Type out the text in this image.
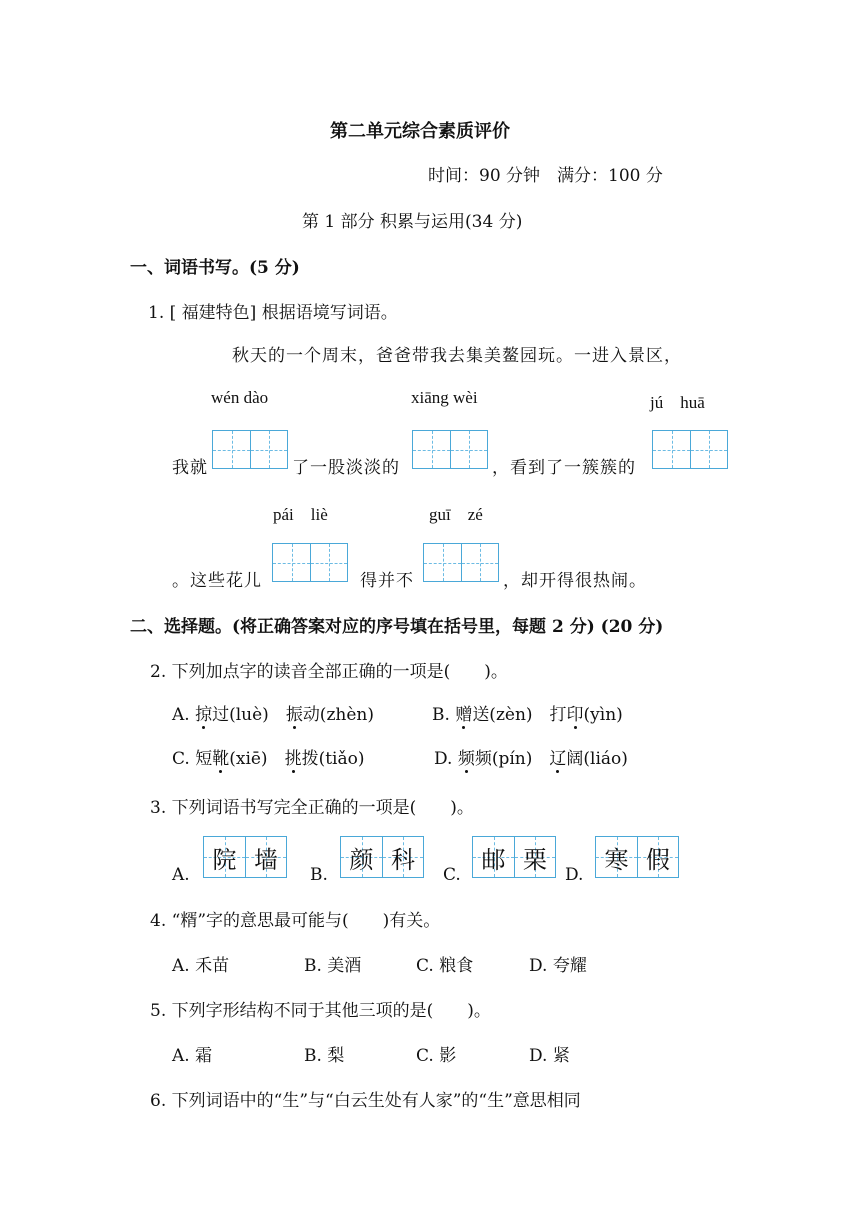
第二单元综合素质评价
时间：90 分钟　满分：100 分
第 1 部分 积累与运用(34 分)
一、词语书写。(5 分)
1. [ 福建特色] 根据语境写词语。
秋天的一个周末，爸爸带我去集美鳌园玩。一进入景区，
wén dào	xiāng wèi	jú　huā
我就	了一股淡淡的	，看到了一簇簇的
pái　liè	guī　zé
。这些花儿	得并不	，却开得很热闹。
二、选择题。(将正确答案对应的序号填在括号里，每题 2 分) (20 分)
2. 下列加点字的读音全部正确的一项是(　　)。
A. 掠过(luè)　振动(zhèn)	B. 赠送(zèn)　打印(yìn)
C. 短靴(xiē)　挑拨(tiǎo)	D. 频频(pín)　辽阔(liáo)
3. 下列词语书写完全正确的一项是(　　)。
A.
院 墙
B.
颜 科
C.
邮 栗
D.
寒 假
4. “糈”字的意思最可能与(　　)有关。
A. 禾苗	B. 美酒	C. 粮食	D. 夸耀
5. 下列字形结构不同于其他三项的是(　　)。
A. 霜	B. 梨	C. 影	D. 紧
6. 下列词语中的“生”与“白云生处有人家”的“生”意思相同
